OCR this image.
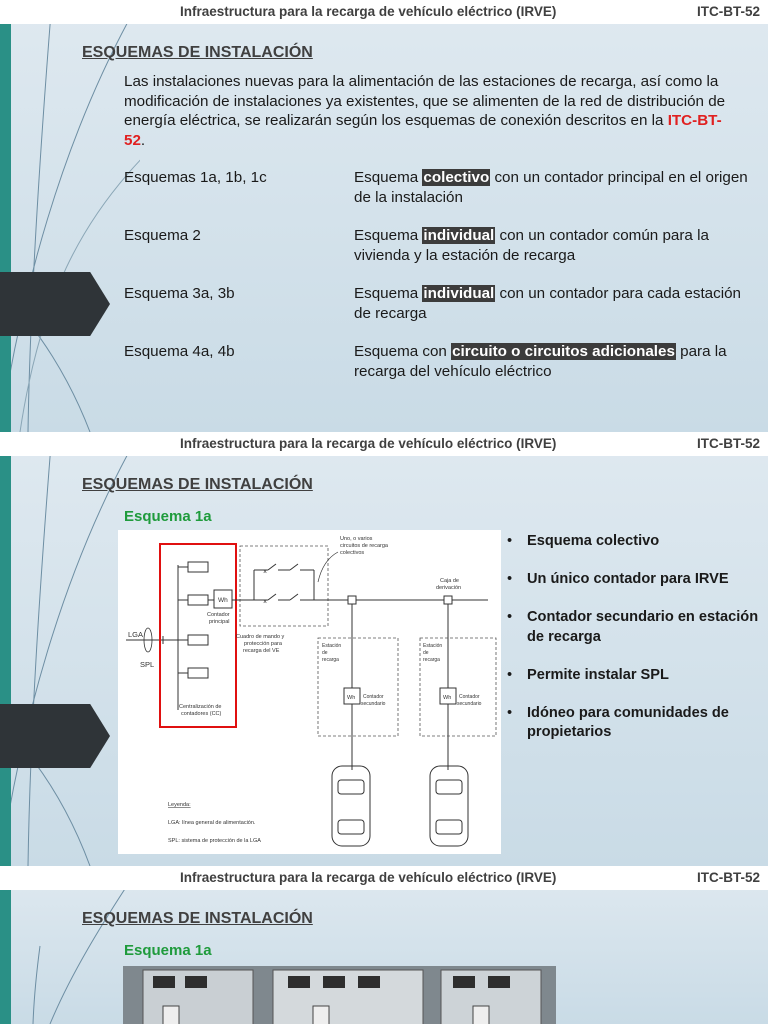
Infraestructura para la recarga de vehículo eléctrico (IRVE)	ITC-BT-52
ESQUEMAS DE INSTALACIÓN
Las instalaciones nuevas para la alimentación de las estaciones de recarga, así como la modificación de instalaciones ya existentes, que se alimenten de la red de distribución de energía eléctrica, se realizarán según los esquemas de conexión descritos en la ITC-BT-52.
Esquemas 1a, 1b, 1c	Esquema colectivo con un contador principal en el origen de la instalación
Esquema 2	Esquema individual con un contador común para la vivienda y la estación de recarga
Esquema 3a, 3b	Esquema individual con un contador para cada estación de recarga
Esquema 4a, 4b	Esquema con circuito o circuitos adicionales para la recarga del vehículo eléctrico
Infraestructura para la recarga de vehículo eléctrico (IRVE)	ITC-BT-52
ESQUEMAS DE INSTALACIÓN
Esquema 1a
LGA
SPL
Wh
Contador
principal
Centralización de
contadores (CC)
×
×
Cuadro de mando y
protección para
recarga del VE
Uno, o varios
circuitos de recarga
colectivos
Caja de
derivación
Estación
de
recarga
Wh Contador
secundario
Estación
de
recarga
Wh Contador
secundario
Leyenda:
LGA: línea general de alimentación.
SPL: sistema de protección de la LGA
• Esquema colectivo
• Un único contador para IRVE
• Contador secundario en estación de recarga
• Permite instalar SPL
• Idóneo para comunidades de propietarios
Infraestructura para la recarga de vehículo eléctrico (IRVE)	ITC-BT-52
ESQUEMAS DE INSTALACIÓN
Esquema 1a
